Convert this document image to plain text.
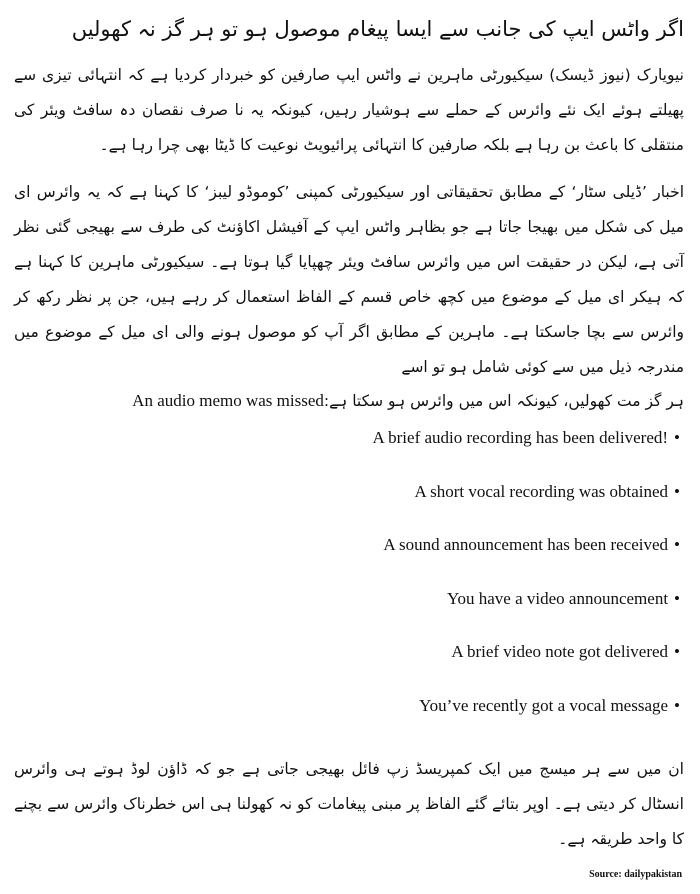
اگر واٹس ایپ کی جانب سے ایسا پیغام موصول ہو تو ہر گز نہ کھولیں

نیویارک (نیوز ڈیسک) سیکیورٹی ماہرین نے واٹس ایپ صارفین کو خبردار کردیا ہے کہ انتہائی تیزی سے پھیلتے ہوئے ایک نئے وائرس کے حملے سے ہوشیار رہیں، کیونکہ یہ نا صرف نقصان دہ سافٹ ویئر کی منتقلی کا باعث بن رہا ہے بلکہ صارفین کا انتہائی پرائیویٹ نوعیت کا ڈیٹا بھی چرا رہا ہے۔

اخبار ’ڈیلی سٹار‘ کے مطابق تحقیقاتی اور سیکیورٹی کمپنی ’کوموڈو لیبز‘ کا کہنا ہے کہ یہ وائرس ای میل کی شکل میں بھیجا جاتا ہے جو بظاہر واٹس ایپ کے آفیشل اکاﺅنٹ کی طرف سے بھیجی گئی نظر آتی ہے، لیکن در حقیقت اس میں وائرس سافٹ ویئر چھپایا گیا ہوتا ہے۔ سیکیورٹی ماہرین کا کہنا ہے کہ ہیکر ای میل کے موضوع میں کچھ خاص قسم کے الفاظ استعمال کر رہے ہیں، جن پر نظر رکھ کر وائرس سے بچا جاسکتا ہے۔ ماہرین کے مطابق اگر آپ کو موصول ہونے والی ای میل کے موضوع میں مندرجہ ذیل میں سے کوئی شامل ہو تو اسے

ہر گز مت کھولیں، کیونکہ اس میں وائرس ہو سکتا ہے:An audio memo was missed

A brief audio recording has been delivered! •
A short vocal recording was obtained •
A sound announcement has been received •
You have a video announcement •
A brief video note got delivered •
You’ve recently got a vocal message •

ان میں سے ہر میسج میں ایک کمپریسڈ زپ فائل بھیجی جاتی ہے جو کہ ڈاﺅن لوڈ ہوتے ہی وائرس انسٹال کر دیتی ہے۔ اوپر بتائے گئے الفاظ پر مبنی پیغامات کو نہ کھولنا ہی اس خطرناک وائرس سے بچنے کا واحد طریقہ ہے۔

Source: dailypakistan
